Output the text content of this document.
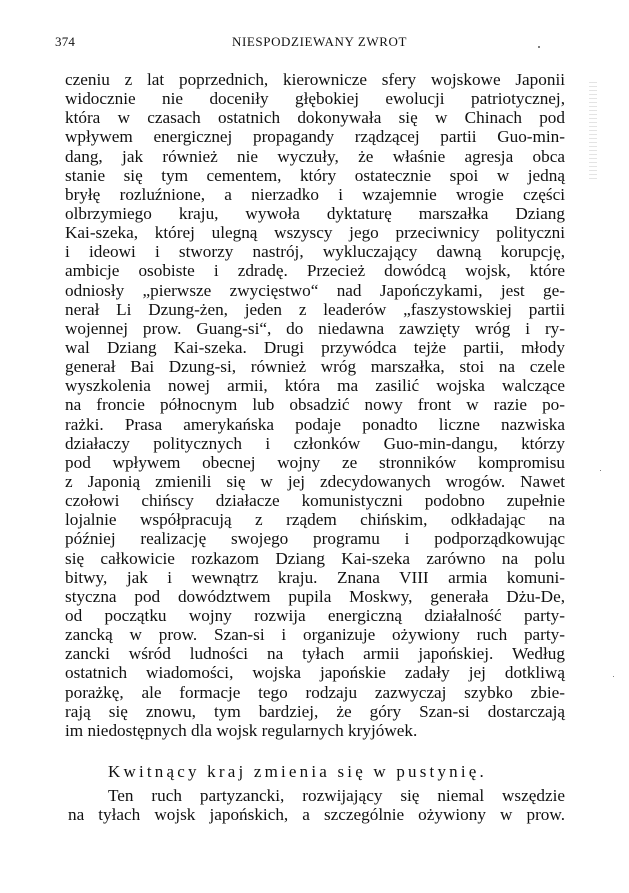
374	NIESPODZIEWANY ZWROT
czeniu z lat poprzednich, kierownicze sfery wojskowe Japonii
widocznie nie doceniły głębokiej ewolucji patriotycznej,
która w czasach ostatnich dokonywała się w Chinach pod
wpływem energicznej propagandy rządzącej partii Guo-min-
dang, jak również nie wyczuły, że właśnie agresja obca
stanie się tym cementem, który ostatecznie spoi w jedną
bryłę rozluźnione, a nierzadko i wzajemnie wrogie części
olbrzymiego kraju, wywoła dyktaturę marszałka Dziang
Kai-szeka, której ulegną wszyscy jego przeciwnicy polityczni
i ideowi i stworzy nastrój, wykluczający dawną korupcję,
ambicje osobiste i zdradę. Przecież dowódcą wojsk, które
odniosły „pierwsze zwycięstwo“ nad Japończykami, jest ge-
nerał Li Dzung-żen, jeden z leaderów „faszystowskiej partii
wojennej prow. Guang-si“, do niedawna zawzięty wróg i ry-
wal Dziang Kai-szeka. Drugi przywódca tejże partii, młody
generał Bai Dzung-si, również wróg marszałka, stoi na czele
wyszkolenia nowej armii, która ma zasilić wojska walczące
na froncie północnym lub obsadzić nowy front w razie po-
rażki. Prasa amerykańska podaje ponadto liczne nazwiska
działaczy politycznych i członków Guo-min-dangu, którzy
pod wpływem obecnej wojny ze stronników kompromisu
z Japonią zmienili się w jej zdecydowanych wrogów. Nawet
czołowi chińscy działacze komunistyczni podobno zupełnie
lojalnie współpracują z rządem chińskim, odkładając na
później realizację swojego programu i podporządkowując
się całkowicie rozkazom Dziang Kai-szeka zarówno na polu
bitwy, jak i wewnątrz kraju. Znana VIII armia komuni-
styczna pod dowództwem pupila Moskwy, generała Dżu-De,
od początku wojny rozwija energiczną działalność party-
zancką w prow. Szan-si i organizuje ożywiony ruch party-
zancki wśród ludności na tyłach armii japońskiej. Według
ostatnich wiadomości, wojska japońskie zadały jej dotkliwą
porażkę, ale formacje tego rodzaju zazwyczaj szybko zbie-
rają się znowu, tym bardziej, że góry Szan-si dostarczają
im niedostępnych dla wojsk regularnych kryjówek.
Kwitnący kraj zmienia się w pustynię.
Ten ruch partyzancki, rozwijający się niemal wszędzie
na tyłach wojsk japońskich, a szczególnie ożywiony w prow.
